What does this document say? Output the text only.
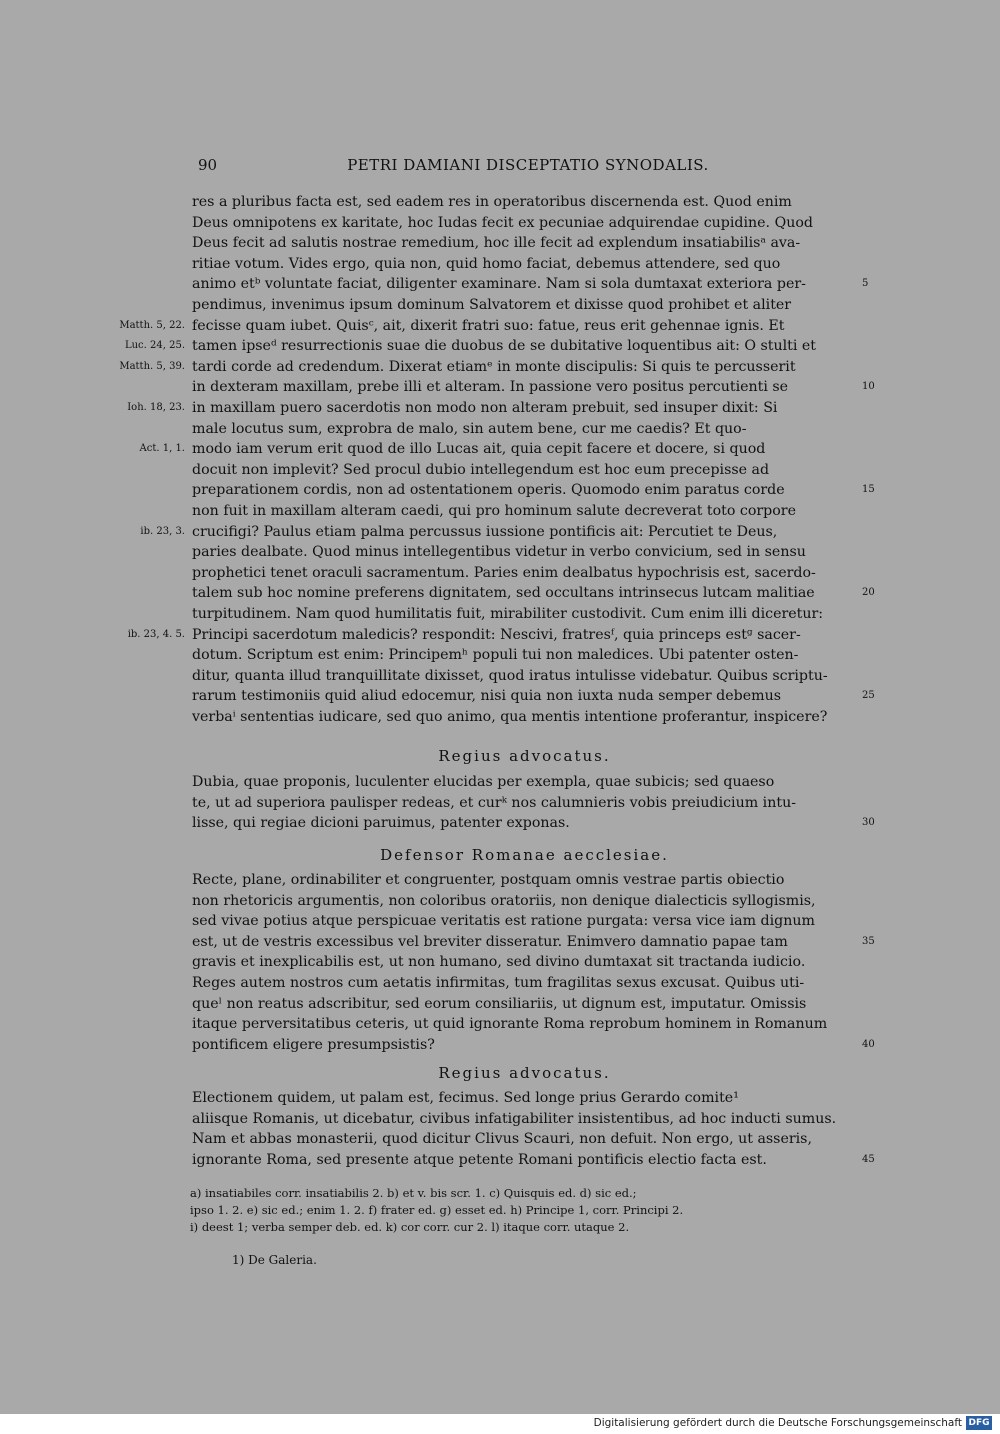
90	PETRI DAMIANI DISCEPTATIO SYNODALIS.
res a pluribus facta est, sed eadem res in operatoribus discernenda est. Quod enim
Deus omnipotens ex karitate, hoc Iudas fecit ex pecuniae adquirendae cupidine. Quod
Deus fecit ad salutis nostrae remedium, hoc ille fecit ad explendum insatiabilisᵃ ava-
ritiae votum. Vides ergo, quia non, quid homo faciat, debemus attendere, sed quo
animo etᵇ voluntate faciat, diligenter examinare. Nam si sola dumtaxat exteriora per-	5
pendimus, invenimus ipsum dominum Salvatorem et dixisse quod prohibet et aliter
fecisse quam iubet. Quisᶜ, ait, dixerit fratri suo: fatue, reus erit gehennae ignis. Et
Matth. 5, 22.
tamen ipseᵈ resurrectionis suae die duobus de se dubitative loquentibus ait: O stulti et
Luc. 24, 25.
tardi corde ad credendum. Dixerat etiamᵉ in monte discipulis: Si quis te percusserit
Matth. 5, 39.
in dexteram maxillam, prebe illi et alteram. In passione vero positus percutienti se	10
in maxillam puero sacerdotis non modo non alteram prebuit, sed insuper dixit: Si
Ioh. 18, 23.
male locutus sum, exprobra de malo, sin autem bene, cur me caedis? Et quo-
modo iam verum erit quod de illo Lucas ait, quia cepit facere et docere, si quod
Act. 1, 1.
docuit non implevit? Sed procul dubio intellegendum est hoc eum precepisse ad
preparationem cordis, non ad ostentationem operis. Quomodo enim paratus corde	15
non fuit in maxillam alteram caedi, qui pro hominum salute decreverat toto corpore
crucifigi? Paulus etiam palma percussus iussione pontificis ait: Percutiet te Deus,
ib. 23, 3.
paries dealbate. Quod minus intellegentibus videtur in verbo convicium, sed in sensu
prophetici tenet oraculi sacramentum. Paries enim dealbatus hypochrisis est, sacerdo-
talem sub hoc nomine preferens dignitatem, sed occultans intrinsecus lutcam malitiae	20
turpitudinem. Nam quod humilitatis fuit, mirabiliter custodivit. Cum enim illi diceretur:
Principi sacerdotum maledicis? respondit: Nescivi, fratresᶠ, quia princeps estᵍ sacer-
ib. 23, 4. 5.
dotum. Scriptum est enim: Principemʰ populi tui non maledices. Ubi patenter osten-
ditur, quanta illud tranquillitate dixisset, quod iratus intulisse videbatur. Quibus scriptu-
rarum testimoniis quid aliud edocemur, nisi quia non iuxta nuda semper debemus	25
verbaⁱ sententias iudicare, sed quo animo, qua mentis intentione proferantur, inspicere?
Regius advocatus.
Dubia, quae proponis, luculenter elucidas per exempla, quae subicis; sed quaeso
te, ut ad superiora paulisper redeas, et curᵏ nos calumnieris vobis preiudicium intu-
lisse, qui regiae dicioni paruimus, patenter exponas.	30
Defensor Romanae aecclesiae.
Recte, plane, ordinabiliter et congruenter, postquam omnis vestrae partis obiectio
non rhetoricis argumentis, non coloribus oratoriis, non denique dialecticis syllogismis,
sed vivae potius atque perspicuae veritatis est ratione purgata: versa vice iam dignum
est, ut de vestris excessibus vel breviter disseratur. Enimvero damnatio papae tam	35
gravis et inexplicabilis est, ut non humano, sed divino dumtaxat sit tractanda iudicio.
Reges autem nostros cum aetatis infirmitas, tum fragilitas sexus excusat. Quibus uti-
queˡ non reatus adscribitur, sed eorum consiliariis, ut dignum est, imputatur. Omissis
itaque perversitatibus ceteris, ut quid ignorante Roma reprobum hominem in Romanum
pontificem eligere presumpsistis?	40
Regius advocatus.
Electionem quidem, ut palam est, fecimus. Sed longe prius Gerardo comite¹
aliisque Romanis, ut dicebatur, civibus infatigabiliter insistentibus, ad hoc inducti sumus.
Nam et abbas monasterii, quod dicitur Clivus Scauri, non defuit. Non ergo, ut asseris,
ignorante Roma, sed presente atque petente Romani pontificis electio facta est.	45
a) insatiabiles corr. insatiabilis 2. b) et v. bis scr. 1. c) Quisquis ed. d) sic ed.;
ipso 1. 2. e) sic ed.; enim 1. 2. f) frater ed. g) esset ed. h) Principe 1, corr. Principi 2.
i) deest 1; verba semper deb. ed. k) cor corr. cur 2. l) itaque corr. utaque 2.
1) De Galeria.
Digitalisierung gefördert durch die Deutsche Forschungsgemeinschaft DFG
